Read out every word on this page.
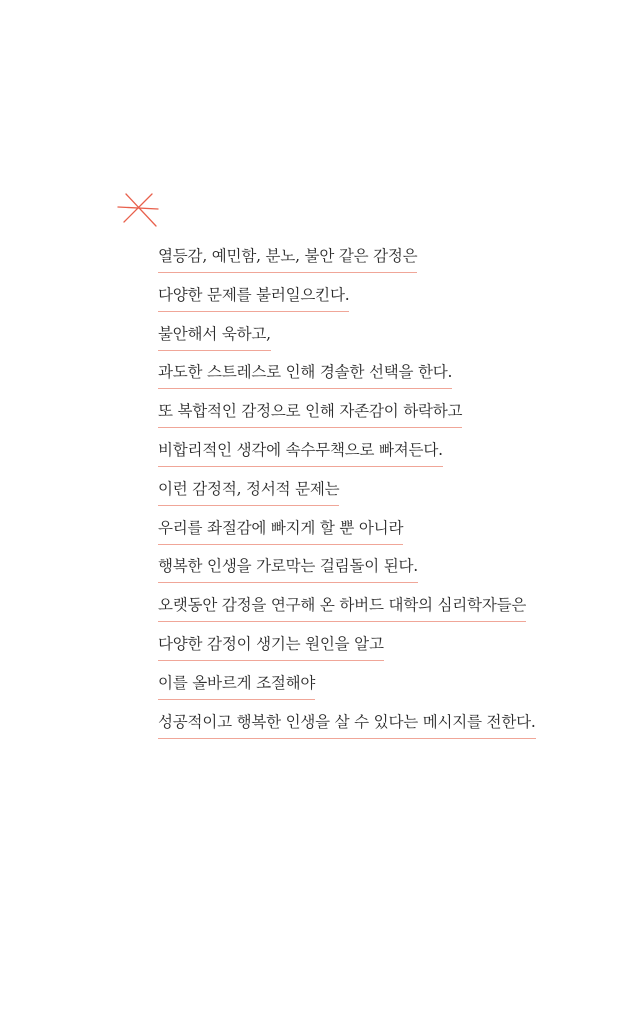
열등감, 예민함, 분노, 불안 같은 감정은
다양한 문제를 불러일으킨다.
불안해서 욱하고,
과도한 스트레스로 인해 경솔한 선택을 한다.
또 복합적인 감정으로 인해 자존감이 하락하고
비합리적인 생각에 속수무책으로 빠져든다.
이런 감정적, 정서적 문제는
우리를 좌절감에 빠지게 할 뿐 아니라
행복한 인생을 가로막는 걸림돌이 된다.
오랫동안 감정을 연구해 온 하버드 대학의 심리학자들은
다양한 감정이 생기는 원인을 알고
이를 올바르게 조절해야
성공적이고 행복한 인생을 살 수 있다는 메시지를 전한다.
